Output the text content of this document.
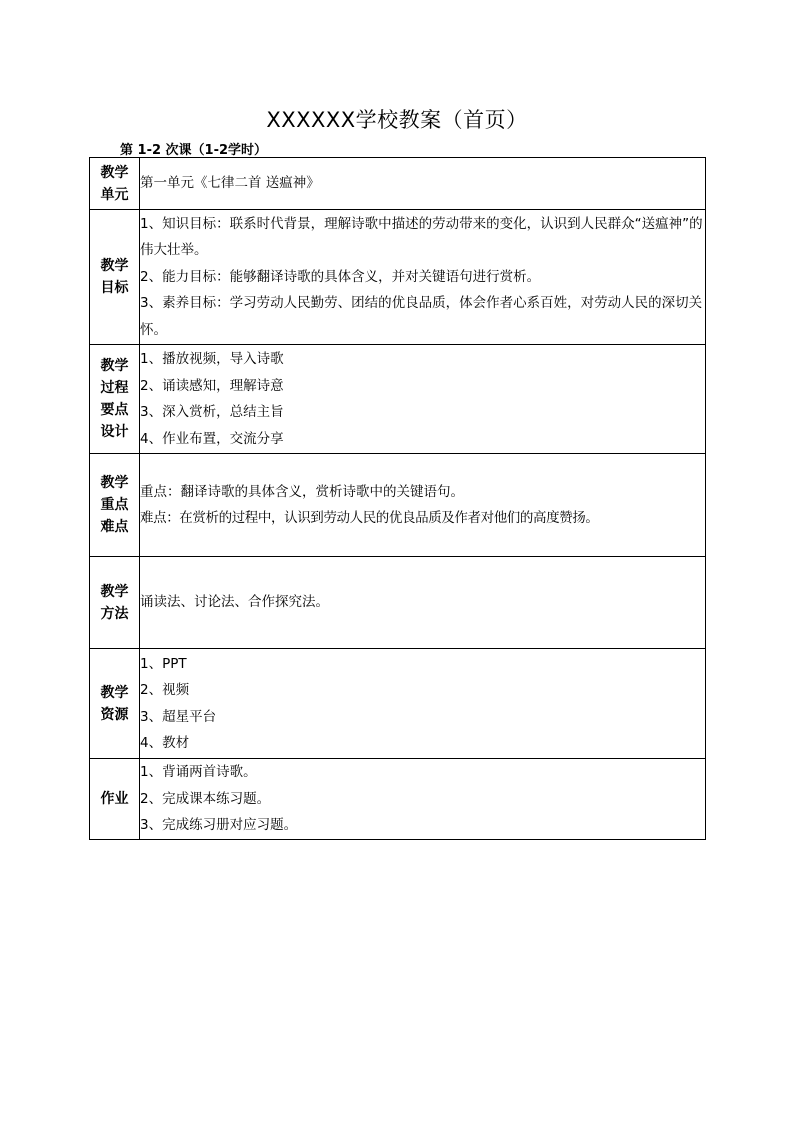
XXXXXX学校教案（首页）
第 1-2 次课（1-2学时）
教学
单元	第一单元《七律二首 送瘟神》

教学
目标	1、知识目标：联系时代背景，理解诗歌中描述的劳动带来的变化，认识到人民群众“送瘟神”的伟大壮举。
2、能力目标：能够翻译诗歌的具体含义，并对关键语句进行赏析。
3、素养目标：学习劳动人民勤劳、团结的优良品质，体会作者心系百姓，对劳动人民的深切关怀。

教学
过程
要点
设计	1、播放视频，导入诗歌
2、诵读感知，理解诗意
3、深入赏析，总结主旨
4、作业布置，交流分享

教学
重点
难点	重点：翻译诗歌的具体含义，赏析诗歌中的关键语句。
难点：在赏析的过程中，认识到劳动人民的优良品质及作者对他们的高度赞扬。

教学
方法	诵读法、讨论法、合作探究法。

教学
资源	1、PPT
2、视频
3、超星平台
4、教材

作业	1、背诵两首诗歌。
2、完成课本练习题。
3、完成练习册对应习题。
